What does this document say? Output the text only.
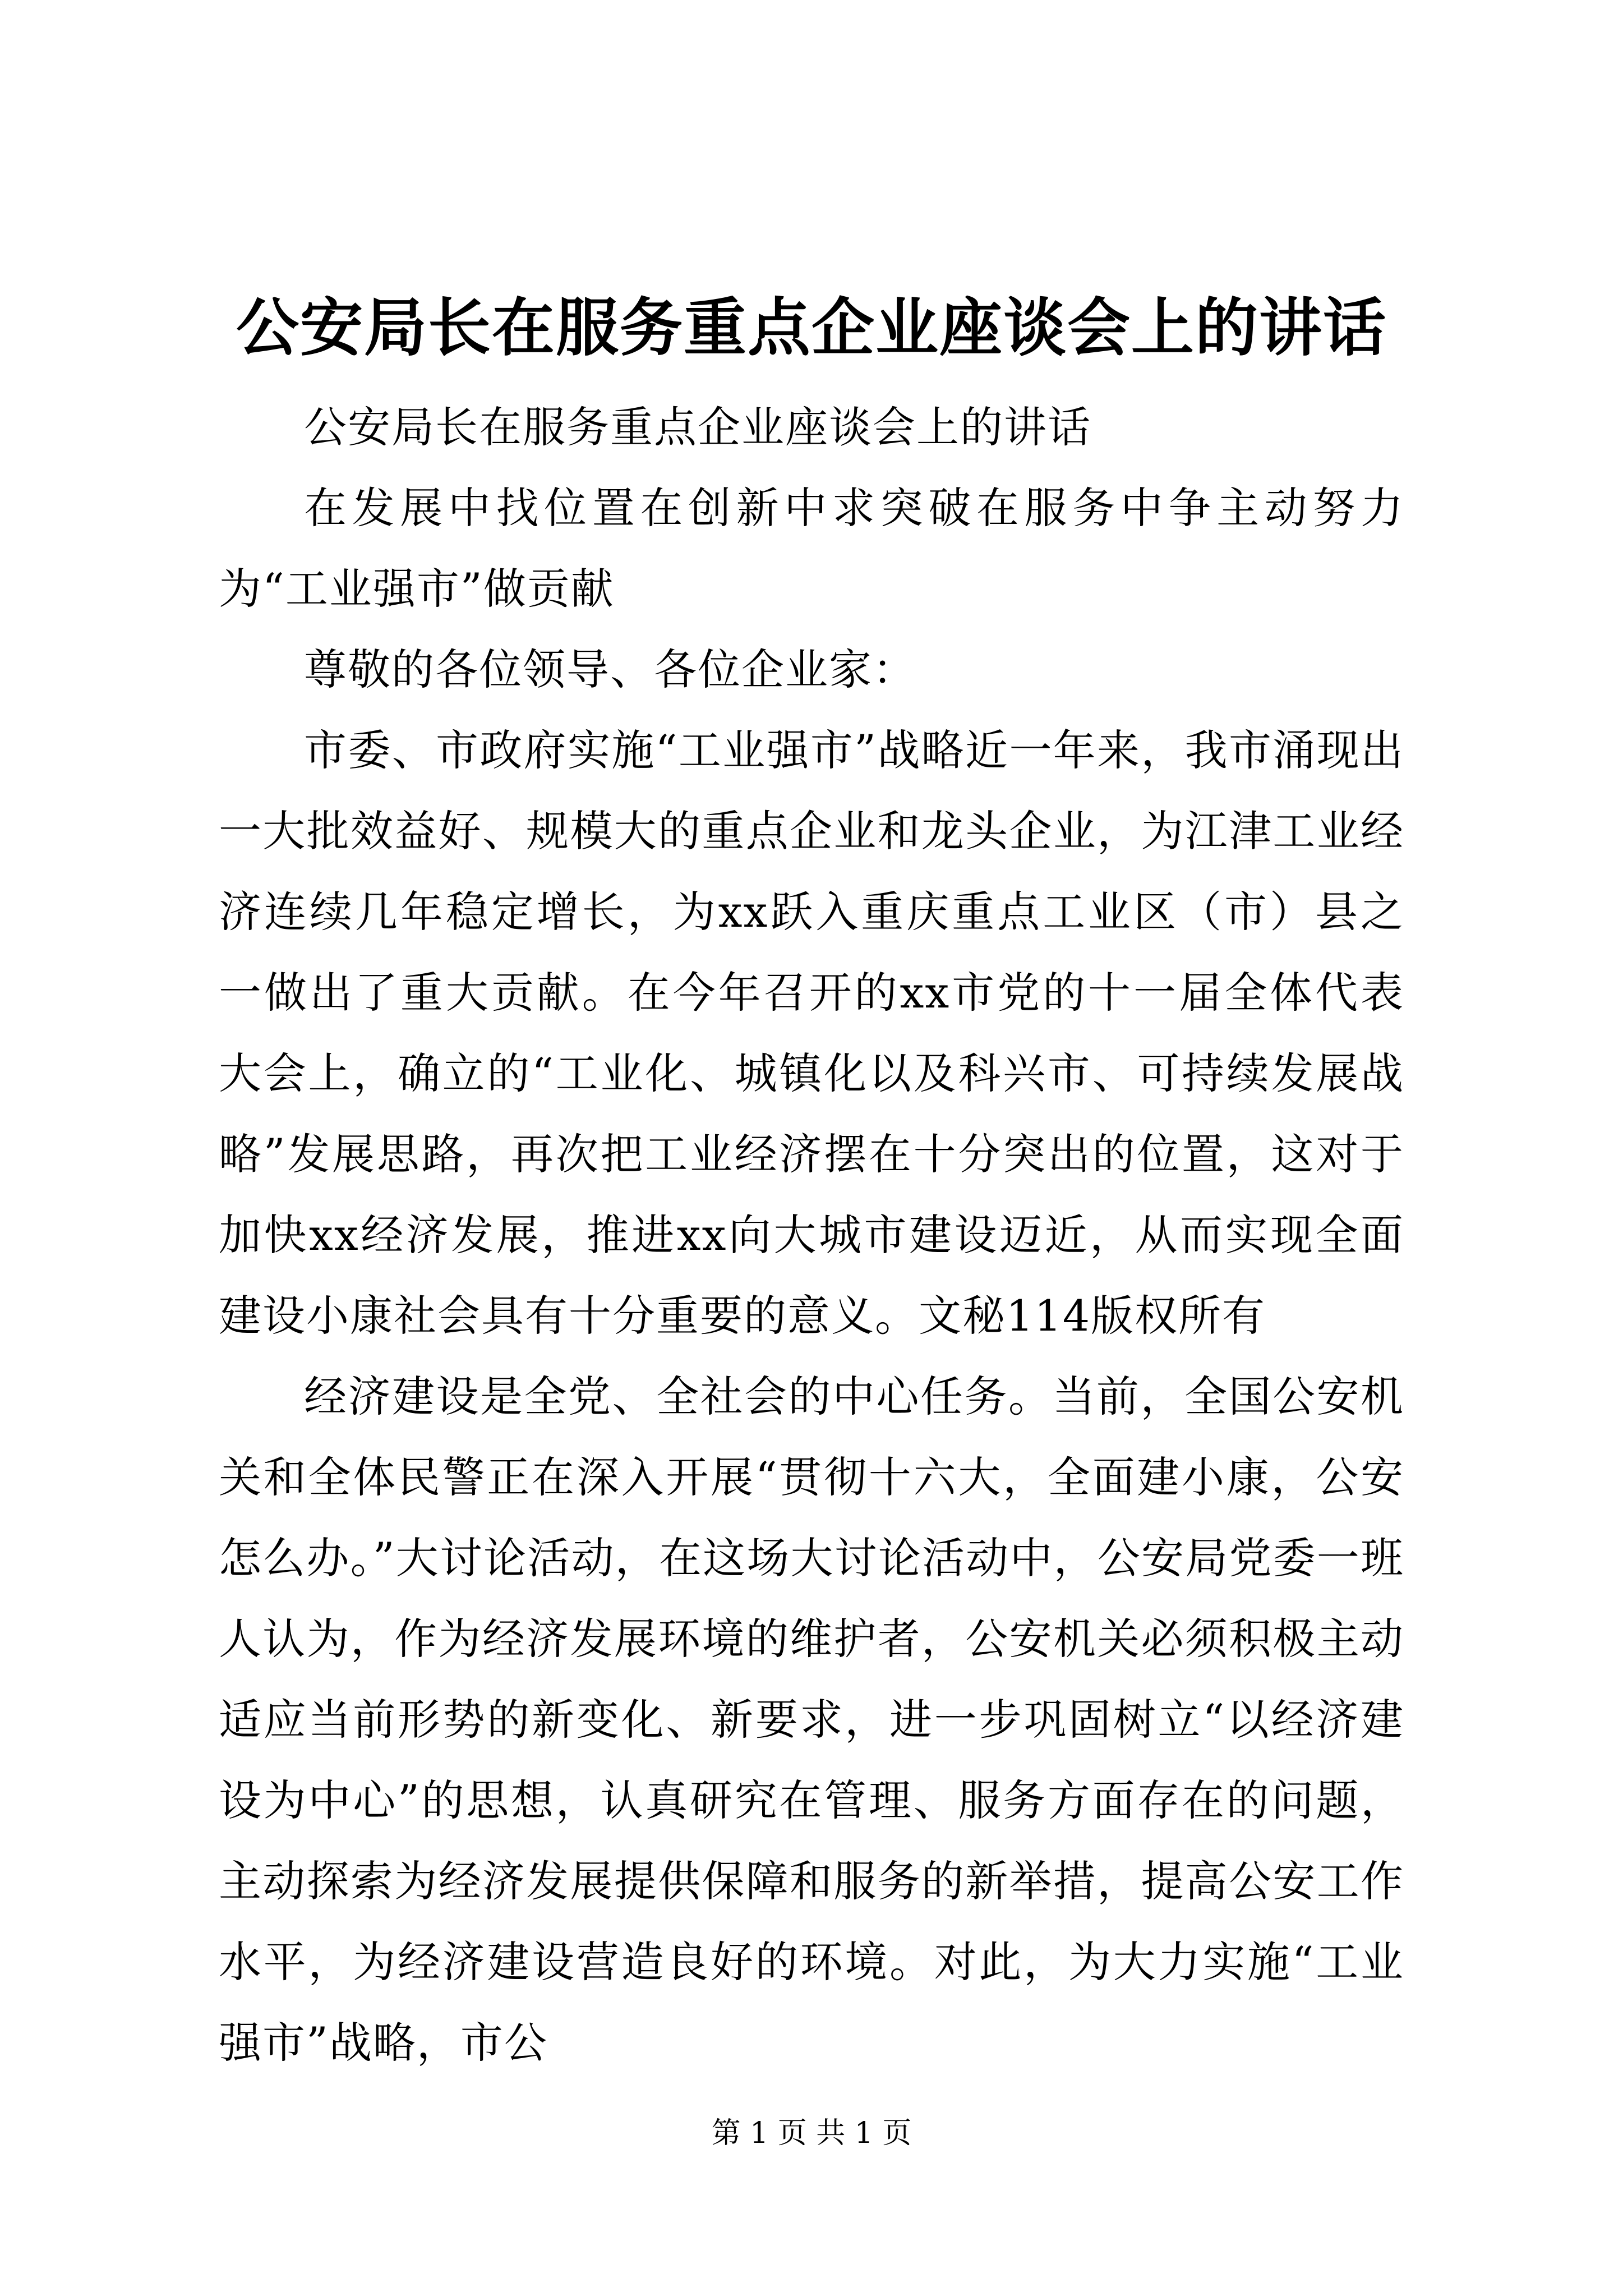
公安局长在服务重点企业座谈会上的讲话

公安局长在服务重点企业座谈会上的讲话

在发展中找位置在创新中求突破在服务中争主动努力为“工业强市”做贡献

尊敬的各位领导、各位企业家：

市委、市政府实施“工业强市”战略近一年来，我市涌现出一大批效益好、规模大的重点企业和龙头企业，为江津工业经济连续几年稳定增长，为xx跃入重庆重点工业区（市）县之一做出了重大贡献。在今年召开的xx市党的十一届全体代表大会上，确立的“工业化、城镇化以及科兴市、可持续发展战略”发展思路，再次把工业经济摆在十分突出的位置，这对于加快xx经济发展，推进xx向大城市建设迈近，从而实现全面建设小康社会具有十分重要的意义。文秘114版权所有

经济建设是全党、全社会的中心任务。当前，全国公安机关和全体民警正在深入开展“贯彻十六大，全面建小康，公安怎么办。”大讨论活动，在这场大讨论活动中，公安局党委一班人认为，作为经济发展环境的维护者，公安机关必须积极主动适应当前形势的新变化、新要求，进一步巩固树立“以经济建设为中心”的思想，认真研究在管理、服务方面存在的问题，主动探索为经济发展提供保障和服务的新举措，提高公安工作水平，为经济建设营造良好的环境。对此，为大力实施“工业强市”战略，市公

第 1 页 共 1 页
